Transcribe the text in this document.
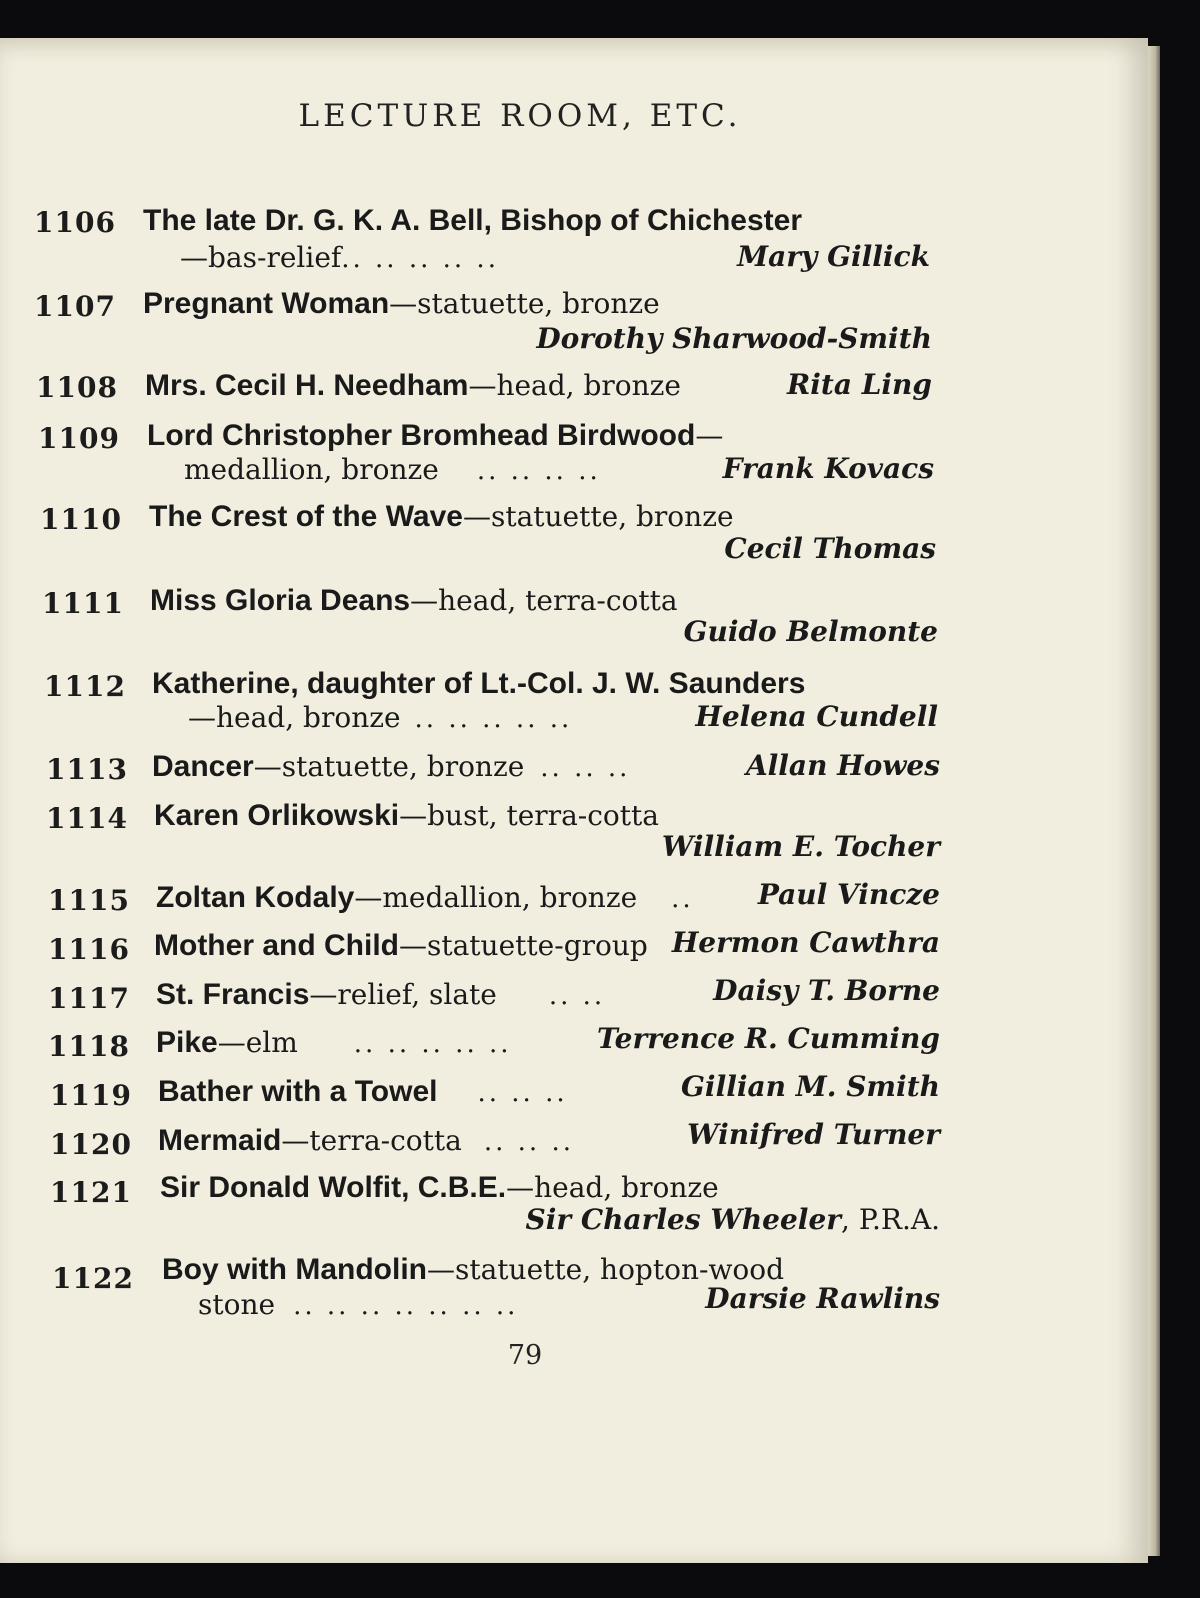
LECTURE ROOM, ETC.
1106 The late Dr. G. K. A. Bell, Bishop of Chichester
—bas-relief.. .. .. .. ..	Mary Gillick
1107 Pregnant Woman—statuette, bronze
Dorothy Sharwood-Smith
1108 Mrs. Cecil H. Needham—head, bronze	Rita Ling
1109 Lord Christopher Bromhead Birdwood—
medallion, bronze .. .. .. ..	Frank Kovacs
1110 The Crest of the Wave—statuette, bronze
Cecil Thomas
1111 Miss Gloria Deans—head, terra-cotta
Guido Belmonte
1112 Katherine, daughter of Lt.-Col. J. W. Saunders
—head, bronze .. .. .. .. ..	Helena Cundell
1113 Dancer—statuette, bronze .. .. ..	Allan Howes
1114 Karen Orlikowski—bust, terra-cotta
William E. Tocher
1115 Zoltan Kodaly—medallion, bronze .. Paul Vincze
1116 Mother and Child—statuette-group Hermon Cawthra
1117 St. Francis—relief, slate .. ..	Daisy T. Borne
1118 Pike—elm .. .. .. .. ..	Terrence R. Cumming
1119 Bather with a Towel .. .. ..	Gillian M. Smith
1120 Mermaid—terra-cotta .. .. ..	Winifred Turner
1121 Sir Donald Wolfit, C.B.E.—head, bronze
Sir Charles Wheeler, P.R.A.
1122 Boy with Mandolin—statuette, hopton-wood
stone .. .. .. .. .. .. ..	Darsie Rawlins
79
